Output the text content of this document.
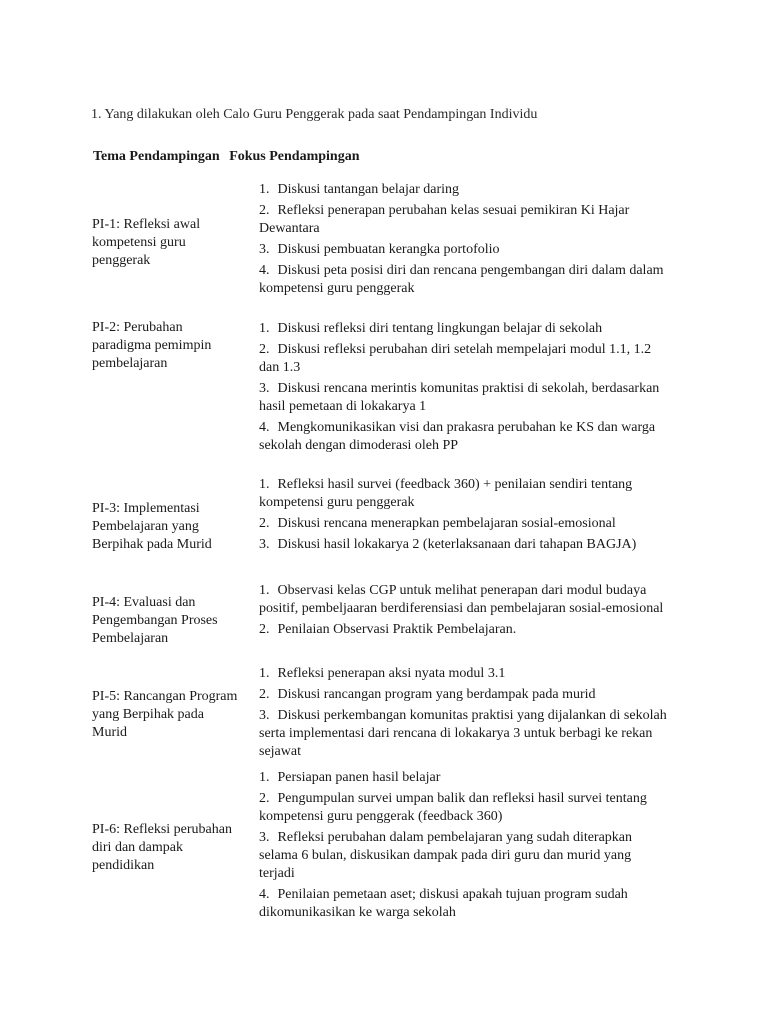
1. Yang dilakukan oleh Calo Guru Penggerak pada saat Pendampingan Individu
Tema Pendampingan Fokus Pendampingan
PI-1: Refleksi awal kompetensi guru penggerak
1. Diskusi tantangan belajar daring
2. Refleksi penerapan perubahan kelas sesuai pemikiran Ki Hajar Dewantara
3. Diskusi pembuatan kerangka portofolio
4. Diskusi peta posisi diri dan rencana pengembangan diri dalam dalam kompetensi guru penggerak
PI-2: Perubahan paradigma pemimpin pembelajaran
1. Diskusi refleksi diri tentang lingkungan belajar di sekolah
2. Diskusi refleksi perubahan diri setelah mempelajari modul 1.1, 1.2 dan 1.3
3. Diskusi rencana merintis komunitas praktisi di sekolah, berdasarkan hasil pemetaan di lokakarya 1
4. Mengkomunikasikan visi dan prakasra perubahan ke KS dan warga sekolah dengan dimoderasi oleh PP
PI-3: Implementasi Pembelajaran yang Berpihak pada Murid
1. Refleksi hasil survei (feedback 360) + penilaian sendiri tentang kompetensi guru penggerak
2. Diskusi rencana menerapkan pembelajaran sosial-emosional
3. Diskusi hasil lokakarya 2 (keterlaksanaan dari tahapan BAGJA)
PI-4: Evaluasi dan Pengembangan Proses Pembelajaran
1. Observasi kelas CGP untuk melihat penerapan dari modul budaya positif, pembeljaaran berdiferensiasi dan pembelajaran sosial-emosional
2. Penilaian Observasi Praktik Pembelajaran.
PI-5: Rancangan Program yang Berpihak pada Murid
1. Refleksi penerapan aksi nyata modul 3.1
2. Diskusi rancangan program yang berdampak pada murid
3. Diskusi perkembangan komunitas praktisi yang dijalankan di sekolah serta implementasi dari rencana di lokakarya 3 untuk berbagi ke rekan sejawat
PI-6: Refleksi perubahan diri dan dampak pendidikan
1. Persiapan panen hasil belajar
2. Pengumpulan survei umpan balik dan refleksi hasil survei tentang kompetensi guru penggerak (feedback 360)
3. Refleksi perubahan dalam pembelajaran yang sudah diterapkan selama 6 bulan, diskusikan dampak pada diri guru dan murid yang terjadi
4. Penilaian pemetaan aset; diskusi apakah tujuan program sudah dikomunikasikan ke warga sekolah
